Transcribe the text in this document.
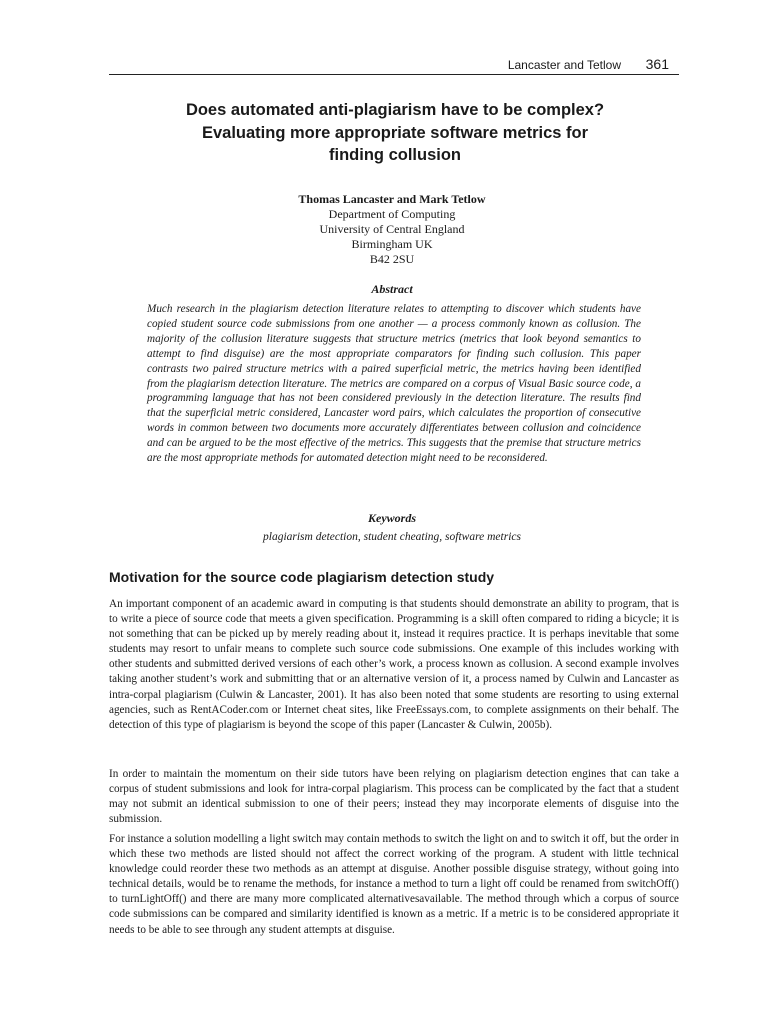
Lancaster and Tetlow 361
Does automated anti-plagiarism have to be complex?
Evaluating more appropriate software metrics for
finding collusion
Thomas Lancaster and Mark Tetlow
Department of Computing
University of Central England
Birmingham UK
B42 2SU
Abstract

Much research in the plagiarism detection literature relates to attempting to discover which students have copied student source code submissions from one another — a process commonly known as collusion. The majority of the collusion literature suggests that structure metrics (metrics that look beyond semantics to attempt to find disguise) are the most appropriate comparators for finding such collusion. This paper contrasts two paired structure metrics with a paired superficial metric, the metrics having been identified from the plagiarism detection literature. The metrics are compared on a corpus of Visual Basic source code, a programming language that has not been considered previously in the detection literature. The results find that the superficial metric considered, Lancaster word pairs, which calculates the proportion of consecutive words in common between two documents more accurately differentiates between collusion and coincidence and can be argued to be the most effective of the metrics. This suggests that the premise that structure metrics are the most appropriate methods for automated detection might need to be reconsidered.

Keywords
plagiarism detection, student cheating, software metrics
Motivation for the source code plagiarism detection study

An important component of an academic award in computing is that students should demonstrate an ability to program, that is to write a piece of source code that meets a given specification. Programming is a skill often compared to riding a bicycle; it is not something that can be picked up by merely reading about it, instead it requires practice. It is perhaps inevitable that some students may resort to unfair means to complete such source code submissions. One example of this includes working with other students and submitted derived versions of each other’s work, a process known as collusion. A second example involves taking another student’s work and submitting that or an alternative version of it, a process named by Culwin and Lancaster as intra-corpal plagiarism (Culwin & Lancaster, 2001). It has also been noted that some students are resorting to using external agencies, such as RentACoder.com or Internet cheat sites, like FreeEssays.com, to complete assignments on their behalf. The detection of this type of plagiarism is beyond the scope of this paper (Lancaster & Culwin, 2005b).

In order to maintain the momentum on their side tutors have been relying on plagiarism detection engines that can take a corpus of student submissions and look for intra-corpal plagiarism. This process can be complicated by the fact that a student may not submit an identical submission to one of their peers; instead they may incorporate elements of disguise into the submission.

For instance a solution modelling a light switch may contain methods to switch the light on and to switch it off, but the order in which these two methods are listed should not affect the correct working of the program. A student with little technical knowledge could reorder these two methods as an attempt at disguise. Another possible disguise strategy, without going into technical details, would be to rename the methods, for instance a method to turn a light off could be renamed from switchOff() to turnLightOff() and there are many more complicated alternativesavailable. The method through which a corpus of source code submissions can be compared and similarity identified is known as a metric. If a metric is to be considered appropriate it needs to be able to see through any student attempts at disguise.
